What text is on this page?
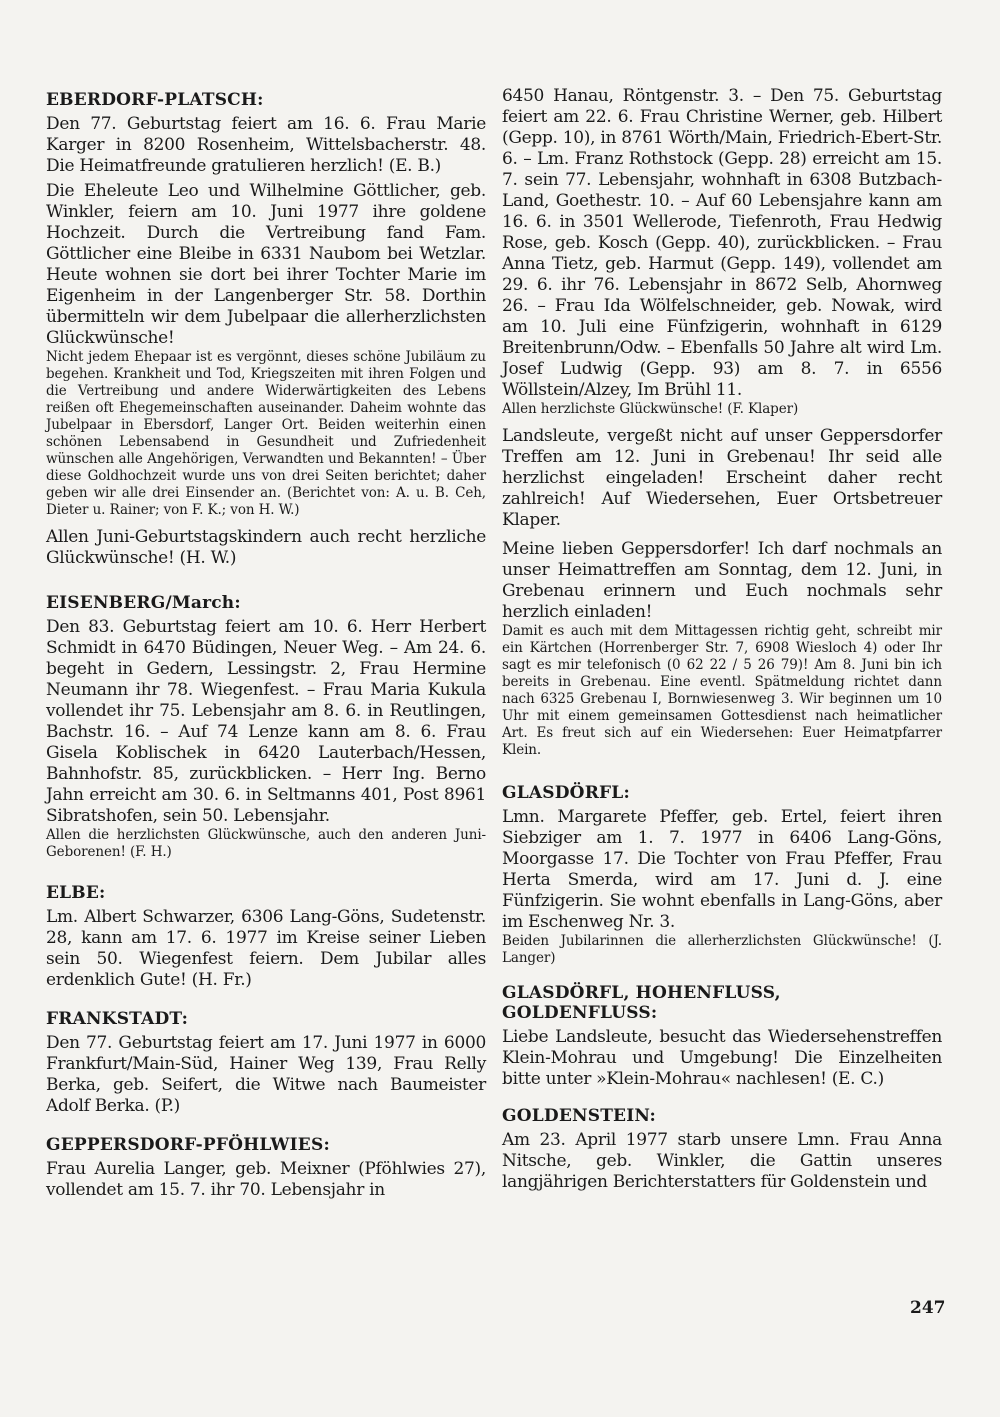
EBERDORF-PLATSCH:

Den 77. Geburtstag feiert am 16. 6. Frau Marie Karger in 8200 Rosenheim, Wittelsbacherstr. 48. Die Heimatfreunde gratulieren herzlich! (E. B.)

Die Eheleute Leo und Wilhelmine Göttlicher, geb. Winkler, feiern am 10. Juni 1977 ihre goldene Hochzeit. Durch die Vertreibung fand Fam. Göttlicher eine Bleibe in 6331 Naubom bei Wetzlar. Heute wohnen sie dort bei ihrer Tochter Marie im Eigenheim in der Langenberger Str. 58. Dorthin übermitteln wir dem Jubelpaar die allerherzlichsten Glückwünsche!

Nicht jedem Ehepaar ist es vergönnt, dieses schöne Jubiläum zu begehen. Krankheit und Tod, Kriegszeiten mit ihren Folgen und die Vertreibung und andere Widerwärtigkeiten des Lebens reißen oft Ehegemeinschaften auseinander. Daheim wohnte das Jubelpaar in Ebersdorf, Langer Ort. Beiden weiterhin einen schönen Lebensabend in Gesundheit und Zufriedenheit wünschen alle Angehörigen, Verwandten und Bekannten! – Über diese Goldhochzeit wurde uns von drei Seiten berichtet; daher geben wir alle drei Einsender an. (Berichtet von: A. u. B. Ceh, Dieter u. Rainer; von F. K.; von H. W.)

Allen Juni-Geburtstagskindern auch recht herzliche Glückwünsche! (H. W.)

EISENBERG/March:

Den 83. Geburtstag feiert am 10. 6. Herr Herbert Schmidt in 6470 Büdingen, Neuer Weg. – Am 24. 6. begeht in Gedern, Lessingstr. 2, Frau Hermine Neumann ihr 78. Wiegenfest. – Frau Maria Kukula vollendet ihr 75. Lebensjahr am 8. 6. in Reutlingen, Bachstr. 16. – Auf 74 Lenze kann am 8. 6. Frau Gisela Koblischek in 6420 Lauterbach/Hessen, Bahnhofstr. 85, zurückblicken. – Herr Ing. Berno Jahn erreicht am 30. 6. in Seltmanns 401, Post 8961 Sibratshofen, sein 50. Lebensjahr.

Allen die herzlichsten Glückwünsche, auch den anderen Juni-Geborenen! (F. H.)

ELBE:

Lm. Albert Schwarzer, 6306 Lang-Göns, Sudetenstr. 28, kann am 17. 6. 1977 im Kreise seiner Lieben sein 50. Wiegenfest feiern. Dem Jubilar alles erdenklich Gute! (H. Fr.)

FRANKSTADT:

Den 77. Geburtstag feiert am 17. Juni 1977 in 6000 Frankfurt/Main-Süd, Hainer Weg 139, Frau Relly Berka, geb. Seifert, die Witwe nach Baumeister Adolf Berka. (P.)

GEPPERSDORF-PFÖHLWIES:

Frau Aurelia Langer, geb. Meixner (Pföhlwies 27), vollendet am 15. 7. ihr 70. Lebensjahr in

6450 Hanau, Röntgenstr. 3. – Den 75. Geburtstag feiert am 22. 6. Frau Christine Werner, geb. Hilbert (Gepp. 10), in 8761 Wörth/Main, Friedrich-Ebert-Str. 6. – Lm. Franz Rothstock (Gepp. 28) erreicht am 15. 7. sein 77. Lebensjahr, wohnhaft in 6308 Butzbach-Land, Goethestr. 10. – Auf 60 Lebensjahre kann am 16. 6. in 3501 Wellerode, Tiefenroth, Frau Hedwig Rose, geb. Kosch (Gepp. 40), zurückblicken. – Frau Anna Tietz, geb. Harmut (Gepp. 149), vollendet am 29. 6. ihr 76. Lebensjahr in 8672 Selb, Ahornweg 26. – Frau Ida Wölfelschneider, geb. Nowak, wird am 10. Juli eine Fünfzigerin, wohnhaft in 6129 Breitenbrunn/Odw. – Ebenfalls 50 Jahre alt wird Lm. Josef Ludwig (Gepp. 93) am 8. 7. in 6556 Wöllstein/Alzey, Im Brühl 11.

Allen herzlichste Glückwünsche! (F. Klaper)

Landsleute, vergeßt nicht auf unser Geppersdorfer Treffen am 12. Juni in Grebenau! Ihr seid alle herzlichst eingeladen! Erscheint daher recht zahlreich! Auf Wiedersehen, Euer Ortsbetreuer Klaper.

Meine lieben Geppersdorfer! Ich darf nochmals an unser Heimattreffen am Sonntag, dem 12. Juni, in Grebenau erinnern und Euch nochmals sehr herzlich einladen!

Damit es auch mit dem Mittagessen richtig geht, schreibt mir ein Kärtchen (Horrenberger Str. 7, 6908 Wiesloch 4) oder Ihr sagt es mir telefonisch (0 62 22 / 5 26 79)! Am 8. Juni bin ich bereits in Grebenau. Eine eventl. Spätmeldung richtet dann nach 6325 Grebenau I, Bornwiesenweg 3. Wir beginnen um 10 Uhr mit einem gemeinsamen Gottesdienst nach heimatlicher Art. Es freut sich auf ein Wiedersehen: Euer Heimatpfarrer Klein.

GLASDÖRFL:

Lmn. Margarete Pfeffer, geb. Ertel, feiert ihren Siebziger am 1. 7. 1977 in 6406 Lang-Göns, Moorgasse 17. Die Tochter von Frau Pfeffer, Frau Herta Smerda, wird am 17. Juni d. J. eine Fünfzigerin. Sie wohnt ebenfalls in Lang-Göns, aber im Eschenweg Nr. 3.

Beiden Jubilarinnen die allerherzlichsten Glückwünsche! (J. Langer)

GLASDÖRFL, HOHENFLUSS, GOLDENFLUSS:

Liebe Landsleute, besucht das Wiedersehenstreffen Klein-Mohrau und Umgebung! Die Einzelheiten bitte unter »Klein-Mohrau« nachlesen! (E. C.)

GOLDENSTEIN:

Am 23. April 1977 starb unsere Lmn. Frau Anna Nitsche, geb. Winkler, die Gattin unseres langjährigen Berichterstatters für Goldenstein und

247
